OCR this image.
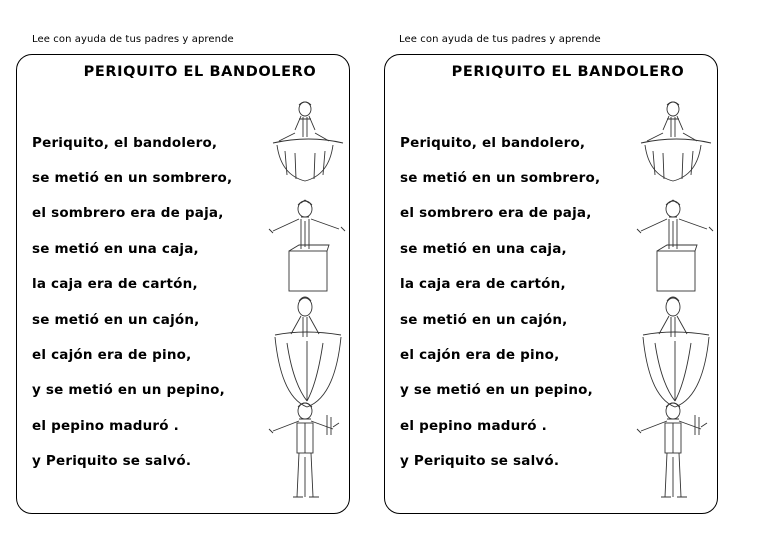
Lee con ayuda de tus padres y aprende
PERIQUITO EL BANDOLERO
Periquito, el bandolero,
se metió en un sombrero,
el sombrero era de paja,
se metió en una caja,
la caja era de cartón,
se metió en un cajón,
el cajón era de pino,
y se metió en un pepino,
el pepino maduró .
y Periquito se salvó.
Lee con ayuda de tus padres y aprende
PERIQUITO EL BANDOLERO
Periquito, el bandolero,
se metió en un sombrero,
el sombrero era de paja,
se metió en una caja,
la caja era de cartón,
se metió en un cajón,
el cajón era de pino,
y se metió en un pepino,
el pepino maduró .
y Periquito se salvó.
